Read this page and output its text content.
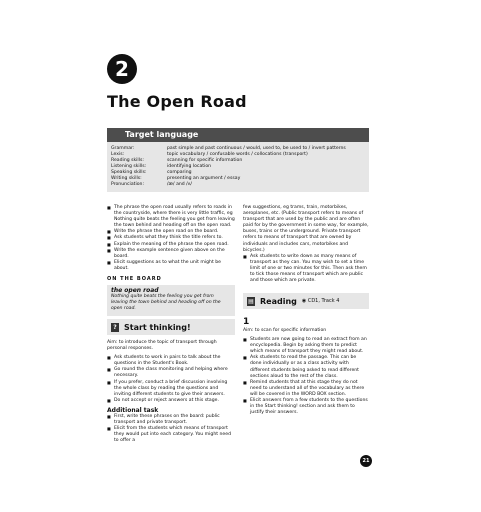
2
The Open Road
Target language
Grammar:	past simple and past continuous / would, used to, be used to / invert patterns
Lexis:	topic vocabulary / confusable words / collocations (transport)
Reading skills:	scanning for specific information
Listening skills:	identifying location
Speaking skills:	comparing
Writing skills:	presenting an argument / essay
Pronunciation:	/æ/ and /ʌ/

■ The phrase the open road usually refers to roads in the countryside, where there is very little traffic, eg Nothing quite beats the feeling you get from leaving the town behind and heading off on the open road.

■ Write the phrase the open road on the board.

■ Ask students what they think the title refers to.

■ Explain the meaning of the phrase the open road.

■ Write the example sentence given above on the board.

■ Elicit suggestions as to what the unit might be about.

ON THE BOARD

the open road
Nothing quite beats the feeling you get from leaving the town behind and heading off on the open road.

few suggestions, eg trams, train, motorbikes, aeroplanes, etc. (Public transport refers to means of transport that are used by the public and are often paid for by the government in some way, for example, buses, trains or the underground. Private transport refers to means of transport that are owned by individuals and includes cars, motorbikes and bicycles.)

■ Ask students to write down as many means of transport as they can. You may wish to set a time limit of one or two minutes for this. Then ask them to tick those means of transport which are public and those which are private.

▤ Reading ◉ CD1, Track 4
? Start thinking!

Aim: to introduce the topic of transport through personal responses.

■ Ask students to work in pairs to talk about the questions in the Student's Book.

■ Go round the class monitoring and helping where necessary.

■ If you prefer, conduct a brief discussion involving the whole class by reading the questions and inviting different students to give their answers.

■ Do not accept or reject answers at this stage.

Additional task

■ First, write these phrases on the board: public transport and private transport.

■ Elicit from the students which means of transport they would put into each category. You might need to offer a

1

Aim: to scan for specific information

■ Students are now going to read an extract from an encyclopedia. Begin by asking them to predict which means of transport they might read about.

■ Ask students to read the passage. This can be done individually or as a class activity with different students being asked to read different sections aloud to the rest of the class.

■ Remind students that at this stage they do not need to understand all of the vocabulary as there will be covered in the WORD BOX section.

■ Elicit answers from a few students to the questions in the Start thinking! section and ask them to justify their answers.

21
